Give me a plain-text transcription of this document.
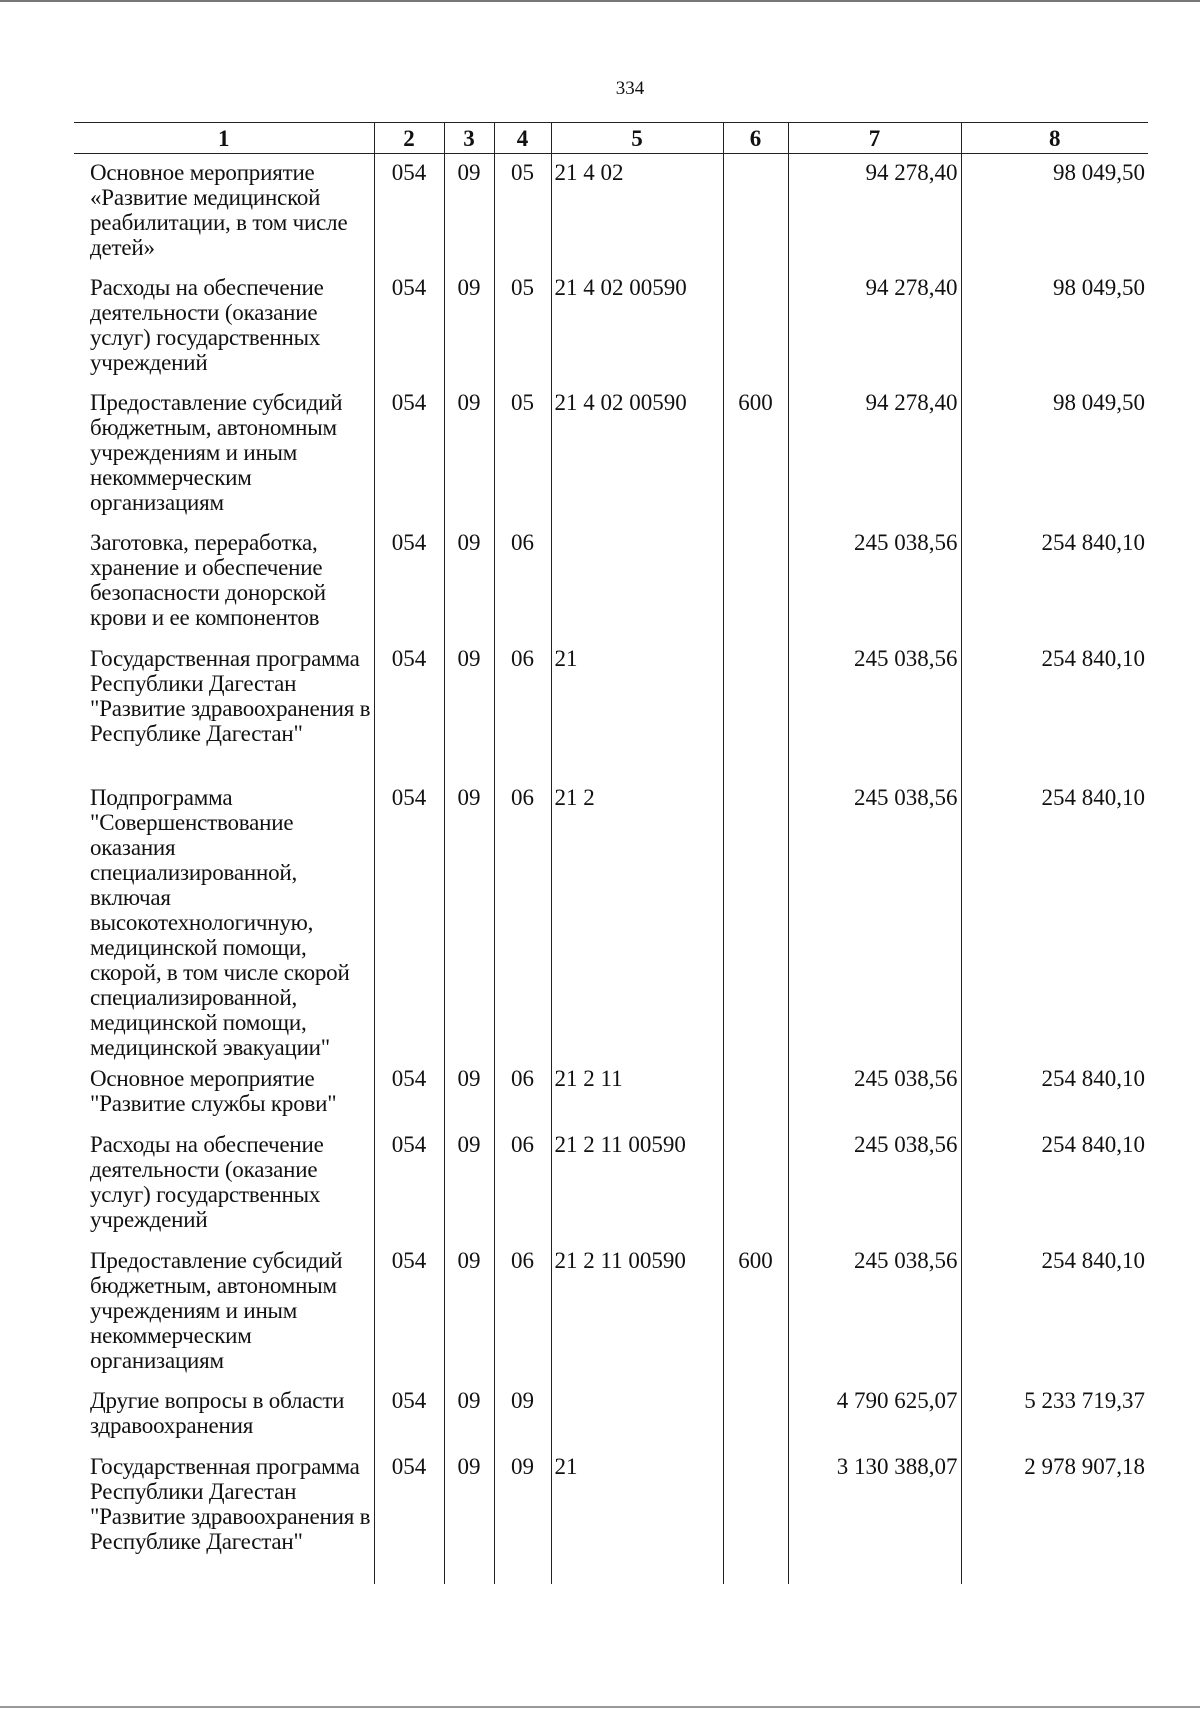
334
1	2	3	4	5	6	7	8
Основное мероприятие «Развитие медицинской реабилитации, в том числе детей»	054	09	05	21 4 02		94 278,40	98 049,50
Расходы на обеспечение деятельности (оказание услуг) государственных учреждений	054	09	05	21 4 02 00590		94 278,40	98 049,50
Предоставление субсидий бюджетным, автономным учреждениям и иным некоммерческим организациям	054	09	05	21 4 02 00590	600	94 278,40	98 049,50
Заготовка, переработка, хранение и обеспечение безопасности донорской крови и ее компонентов	054	09	06			245 038,56	254 840,10
Государственная программа Республики Дагестан "Развитие здравоохранения в Республике Дагестан"	054	09	06	21		245 038,56	254 840,10
Подпрограмма "Совершенствование оказания специализированной, включая высокотехнологичную, медицинской помощи, скорой, в том числе скорой специализированной, медицинской помощи, медицинской эвакуации"	054	09	06	21 2		245 038,56	254 840,10
Основное мероприятие "Развитие службы крови"	054	09	06	21 2 11		245 038,56	254 840,10
Расходы на обеспечение деятельности (оказание услуг) государственных учреждений	054	09	06	21 2 11 00590		245 038,56	254 840,10
Предоставление субсидий бюджетным, автономным учреждениям и иным некоммерческим организациям	054	09	06	21 2 11 00590	600	245 038,56	254 840,10
Другие вопросы в области здравоохранения	054	09	09			4 790 625,07	5 233 719,37
Государственная программа Республики Дагестан "Развитие здравоохранения в Республике Дагестан"	054	09	09	21		3 130 388,07	2 978 907,18
